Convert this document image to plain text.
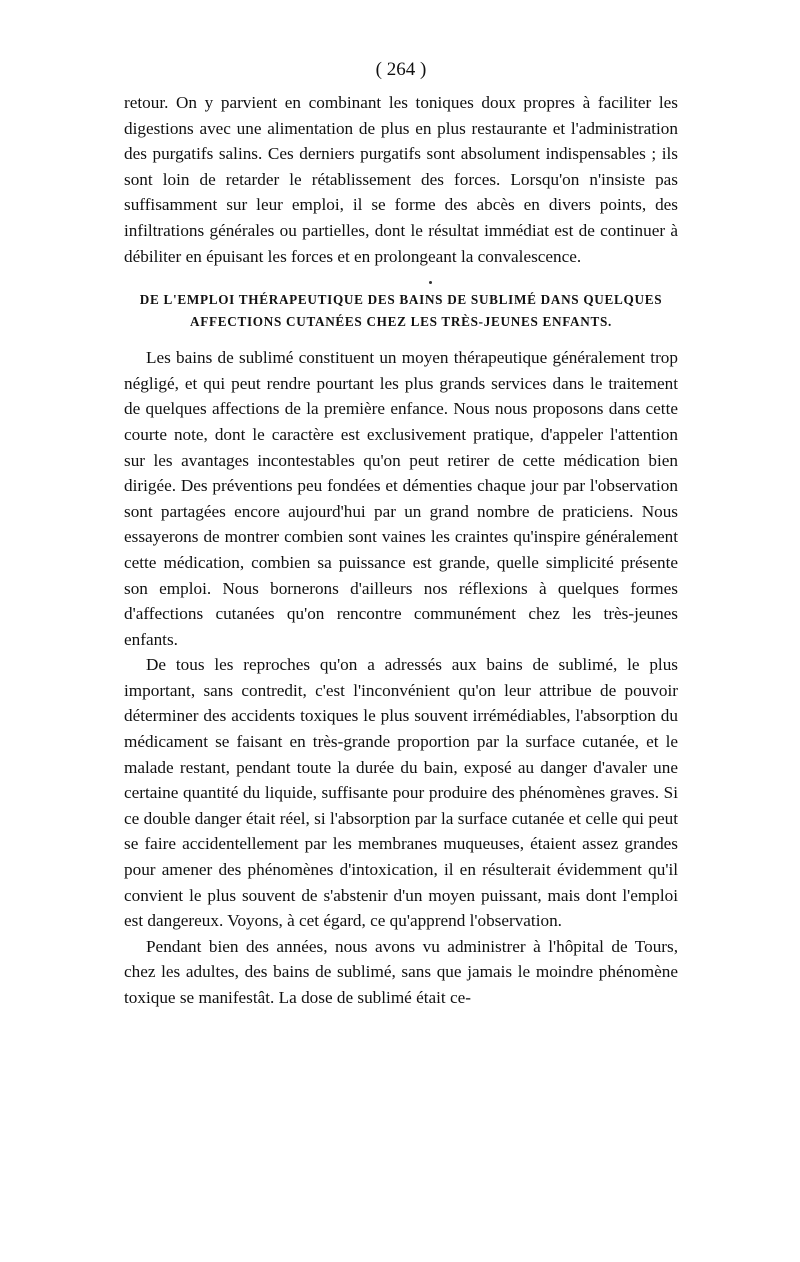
( 264 )

retour. On y parvient en combinant les toniques doux propres à faciliter les digestions avec une alimentation de plus en plus restaurante et l'administration des purgatifs salins. Ces derniers purgatifs sont absolument indispensables ; ils sont loin de retarder le rétablissement des forces. Lorsqu'on n'insiste pas suffisamment sur leur emploi, il se forme des abcès en divers points, des infiltrations générales ou partielles, dont le résultat immédiat est de continuer à débiliter en épuisant les forces et en prolongeant la convalescence.

DE L'EMPLOI THÉRAPEUTIQUE DES BAINS DE SUBLIMÉ DANS QUELQUES
AFFECTIONS CUTANÉES CHEZ LES TRÈS-JEUNES ENFANTS.

Les bains de sublimé constituent un moyen thérapeutique généralement trop négligé, et qui peut rendre pourtant les plus grands services dans le traitement de quelques affections de la première enfance. Nous nous proposons dans cette courte note, dont le caractère est exclusivement pratique, d'appeler l'attention sur les avantages incontestables qu'on peut retirer de cette médication bien dirigée. Des préventions peu fondées et démenties chaque jour par l'observation sont partagées encore aujourd'hui par un grand nombre de praticiens. Nous essayerons de montrer combien sont vaines les craintes qu'inspire généralement cette médication, combien sa puissance est grande, quelle simplicité présente son emploi. Nous bornerons d'ailleurs nos réflexions à quelques formes d'affections cutanées qu'on rencontre communément chez les très-jeunes enfants.

De tous les reproches qu'on a adressés aux bains de sublimé, le plus important, sans contredit, c'est l'inconvénient qu'on leur attribue de pouvoir déterminer des accidents toxiques le plus souvent irrémédiables, l'absorption du médicament se faisant en très-grande proportion par la surface cutanée, et le malade restant, pendant toute la durée du bain, exposé au danger d'avaler une certaine quantité du liquide, suffisante pour produire des phénomènes graves. Si ce double danger était réel, si l'absorption par la surface cutanée et celle qui peut se faire accidentellement par les membranes muqueuses, étaient assez grandes pour amener des phénomènes d'intoxication, il en résulterait évidemment qu'il convient le plus souvent de s'abstenir d'un moyen puissant, mais dont l'emploi est dangereux. Voyons, à cet égard, ce qu'apprend l'observation.

Pendant bien des années, nous avons vu administrer à l'hôpital de Tours, chez les adultes, des bains de sublimé, sans que jamais le moindre phénomène toxique se manifestât. La dose de sublimé était ce-
